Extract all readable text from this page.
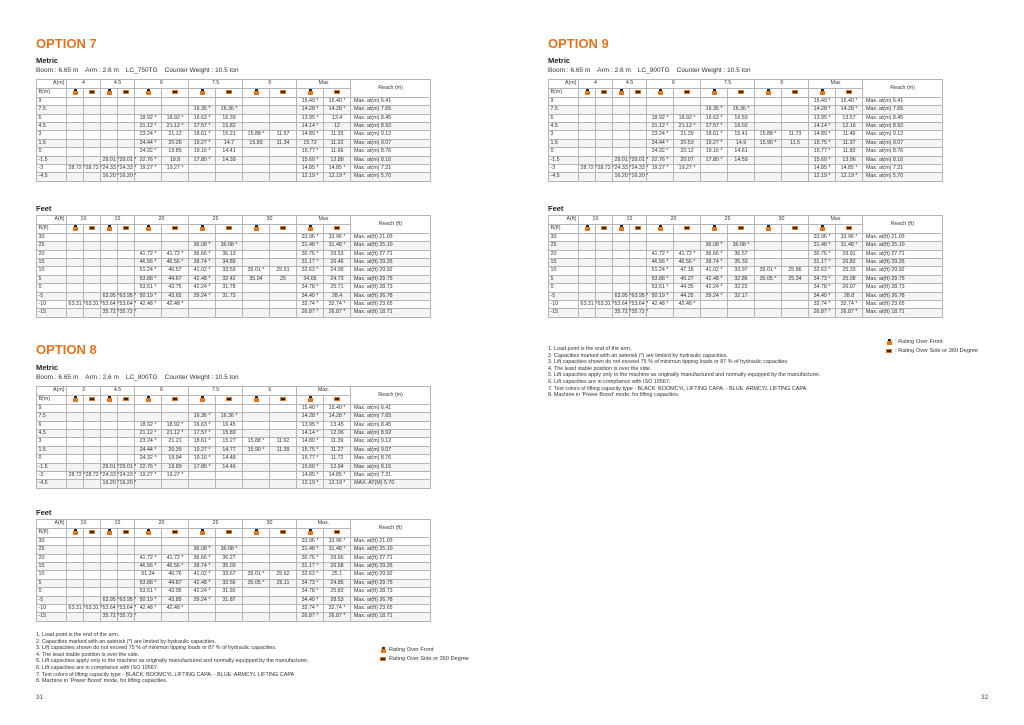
OPTION 7
Metric
Boom : 6.65 m Arm : 2.6 m LC_750TG Counter Weight : 10.5 ton
A(m)	4		4.5		6		7.5		9		Max		Reach (m)
B(m)													
9											15.40 *	15.40 *	Max. at(m) 6.41
7.5							16.36 *	16.36 *			14.28 *	14.28 *	Max. at(m) 7.65
6					18.92 *	18.92 *	16.63 *	16.39			13.95 *	13.4	Max. at(m) 8.45
4.5					21.12 *	21.12 *	17.57 *	15.82			14.14 *	12	Max. at(m) 8.92
3					23.24 *	21.12	18.61 *	15.21	15.88 *	11.57	14.80 *	11.33	Max. at(m) 9.12
1.5					24.44 *	20.26	19.27 *	14.7	15.89	11.34	15.72	11.22	Max. at(m) 9.07
0					24.32 *	19.85	19.16 *	14.41			15.77 *	11.66	Max. at(m) 8.76
-1.5			29.01 *	29.01 *	22.76 *	19.8	17.80 *	14.39			15.60 *	12.88	Max. at(m) 8.16
-3	28.72 *	28.72 *	24.33 *	24.33 *	19.27 *	19.27 *					14.85 *	14.85 *	Max. at(m) 7.21
-4.5			16.20 *	16.20 *							12.19 *	12.19 *	Max. at(m) 5.70
Feet
A(ft)	10		15		20		25		30		Max		Reach (ft)
B(ft)													
30											33.96 *	33.96 *	Max. at(ft) 21.03
25							36.08 *	36.08 *			31.48 *	31.48 *	Max. at(ft) 25.10
20					41.72 *	41.72 *	36.66 *	36.13			30.76 *	29.53	Max. at(ft) 27.71
15					46.56 *	46.56 *	38.74 *	34.89			31.17 *	26.46	Max. at(ft) 29.26
10					51.24 *	46.57	41.02 *	33.53	35.01 *	25.51	32.63 *	24.99	Max. at(ft) 29.92
5					53.88 *	44.67	42.48 *	32.42	35.04	25	34.65	24.73	Max. at(ft) 29.75
0					53.61 *	43.75	42.24 *	31.78			34.78 *	25.71	Max. at(ft) 28.73
-5			63.95 *	63.95 *	50.19 *	43.65	39.24 *	31.73			34.40 *	28.4	Max. at(ft) 26.78
-10	63.31 *	63.31 *	53.64 *	53.64 *	42.48 *	42.48 *					32.74 *	32.74 *	Max. at(ft) 23.65
-15			35.72 *	35.72 *							26.87 *	26.87 *	Max. at(ft) 18.71
OPTION 8
Metric
Boom : 6.65 m Arm : 2.6 m LC_800TG Counter Weight : 10.5 ton
A(m)	3		4.5		6		7.5		9		Max.		Reach (m)
B(m)													
9											15.40 *	15.40 *	Max. at(m) 6.41
7.5							16.36 *	16.36 *			14.28 *	14.28 *	Max. at(m) 7.65
6					18.92 *	18.92 *	16.63 *	16.45			13.95 *	13.45	Max. at(m) 8.45
4.5					21.12 *	21.12 *	17.57 *	15.89			14.14 *	12.06	Max. at(m) 8.92
3					23.24 *	21.21	18.61 *	15.27	15.88 *	11.62	14.80 *	11.39	Max. at(m) 9.12
1.5					24.44 *	20.35	19.27 *	14.77	15.90 *	11.39	15.75 *	11.27	Max. at(m) 9.07
0					24.32 *	19.94	19.16 *	14.48			15.77 *	11.72	Max. at(m) 8.76
-1.5			29.01 *	29.01 *	22.76 *	19.89	17.80 *	14.46			15.60 *	12.94	Max. at(m) 8.16
-3	28.72 *	28.72 *	24.33 *	24.33 *	19.27 *	19.27 *					14.85 *	14.85 *	Max. at(m) 7.21
-4.5			16.20 *	16.20 *							12.19 *	12.19 *	MAX. AT(M) 5.70
Feet
A(ft)	10		15		20		25		30		Max.		Reach (ft)
B(ft)													
30											33.96 *	33.96 *	Max. at(ft) 21.03
25							36.08 *	36.08 *			31.48 *	31.48 *	Max. at(ft) 25.10
20					41.72 *	41.72 *	36.66 *	36.27			30.76 *	29.66	Max. at(ft) 27.71
15					46.56 *	46.56 *	38.74 *	35.03			31.17 *	26.58	Max. at(ft) 29.26
10					51.24	46.76	41.02 *	33.67	35.01 *	25.62	32.63 *	25.1	Max. at(ft) 29.92
5					53.88 *	44.87	42.48 *	32.56	35.05 *	25.11	34.73 *	24.85	Max. at(ft) 29.75
0					53.61 *	43.95	42.24 *	31.92			34.78 *	25.83	Max. at(ft) 28.73
-5			63.95 *	63.95 *	50.19 *	43.85	39.24 *	31.87			34.40 *	28.53	Max. at(ft) 26.78
-10	63.31 *	63.31 *	53.64 *	53.64 *	42.48 *	42.48 *					32.74 *	32.74 *	Max. at(ft) 23.65
-15			35.72 *	35.72 *							26.87 *	26.87 *	Max. at(ft) 18.71
1. Load point is the end of the arm.
2. Capacities marked with an asterisk (*) are limited by hydraulic capacities.
3. Lift capacities shown do not exceed 75 % of minimun tipping loads or 87 % of hydraulic capacities.
4. The least stable position is over the side.
5. Lift capacities apply only to the machine as originally manufactured and normally equipped by the manufacturer.
6. Lift capacities are in compliance with ISO 10567.
7. Text colors of lifting capacity type - BLACK: BOOMCYL LIFTING CAPA. - BLUE: ARMCYL LIFTING CAPA
8. Machine in 'Power Boost' mode, for lifting capacities.
Rating Over Front
Rating Over Side or 360 Degree
31
OPTION 9
Metric
Boom : 6.65 m Arm : 2.6 m LC_900TG Counter Weight : 10.5 ton
A(m)	4		4.5		6		7.5		9		Max		Reach (m)
B(m)													
9											15.40 *	15.40 *	Max. at(m) 6.41
7.5							16.36 *	16.36 *			14.28 *	14.28 *	Max. at(m) 7.65
6					18.92 *	18.92 *	16.63 *	16.59			13.95 *	13.57	Max. at(m) 8.45
4.5					21.12 *	21.12 *	17.57 *	16.02			14.14 *	12.16	Max. at(m) 8.92
3					23.24 *	21.39	18.61 *	15.41	15.88 *	11.73	14.80 *	11.49	Max. at(m) 9.12
1.5					24.44 *	20.53	19.27 *	14.9	15.90 *	11.5	15.75 *	11.37	Max. at(m) 9.07
0					24.32 *	20.12	19.16 *	14.61			15.77 *	11.83	Max. at(m) 8.76
-1.5			29.01 *	29.01 *	22.76 *	20.07	17.80 *	14.59			15.60 *	13.06	Max. at(m) 8.16
-3	28.72 *	28.72 *	24.33 *	24.33 *	19.27 *	19.27 *					14.85 *	14.85 *	Max. at(m) 7.21
-4.5			16.20 *	16.20 *							12.19 *	12.19 *	Max. at(m) 5.70
Feet
A(ft)	10		15		20		25		30		Max		Reach (ft)
B(ft)													
30											33.96 *	33.96 *	Max. at(ft) 21.03
25							36.08 *	36.08 *			31.48 *	31.48 *	Max. at(ft) 25.10
20					41.72 *	41.72 *	36.66 *	36.57			30.76 *	29.91	Max. at(ft) 27.71
15					46.56 *	46.56 *	38.74 *	35.33			31.17 *	26.82	Max. at(ft) 29.26
10					51.24 *	47.16	41.02 *	33.97	35.01 *	25.86	32.63 *	25.33	Max. at(ft) 29.92
5					53.88 *	45.27	42.48 *	32.86	35.05 *	25.34	34.73 *	25.08	Max. at(ft) 29.75
0					53.61 *	44.35	42.24 *	32.22			34.78 *	26.07	Max. at(ft) 28.73
-5			63.95 *	63.95 *	50.19 *	44.25	39.24 *	32.17			34.40 *	28.8	Max. at(ft) 26.78
-10	63.31 *	63.31 *	53.64 *	53.64 *	42.48 *	42.48 *					32.74 *	32.74 *	Max. at(ft) 23.65
-15			35.72 *	35.72 *							26.87 *	26.87 *	Max. at(ft) 18.71
1. Load point is the end of the arm.
2. Capacities marked with an asterisk (*) are limited by hydraulic capacities.
3. Lift capacities shown do not exceed 75 % of minimun tipping loads or 87 % of hydraulic capacities.
4. The least stable position is over the side.
5. Lift capacities apply only to the machine as originally manufactured and normally equipped by the manufacturer.
6. Lift capacities are in compliance with ISO 10567.
7. Text colors of lifting capacity type - BLACK: BOOMCYL LIFTING CAPA. - BLUE: ARMCYL LIFTING CAPA.
8. Machine in 'Power Boost' mode, for lifting capacities.
: Rating Over Front
: Rating Over Side or 360 Degree
32
